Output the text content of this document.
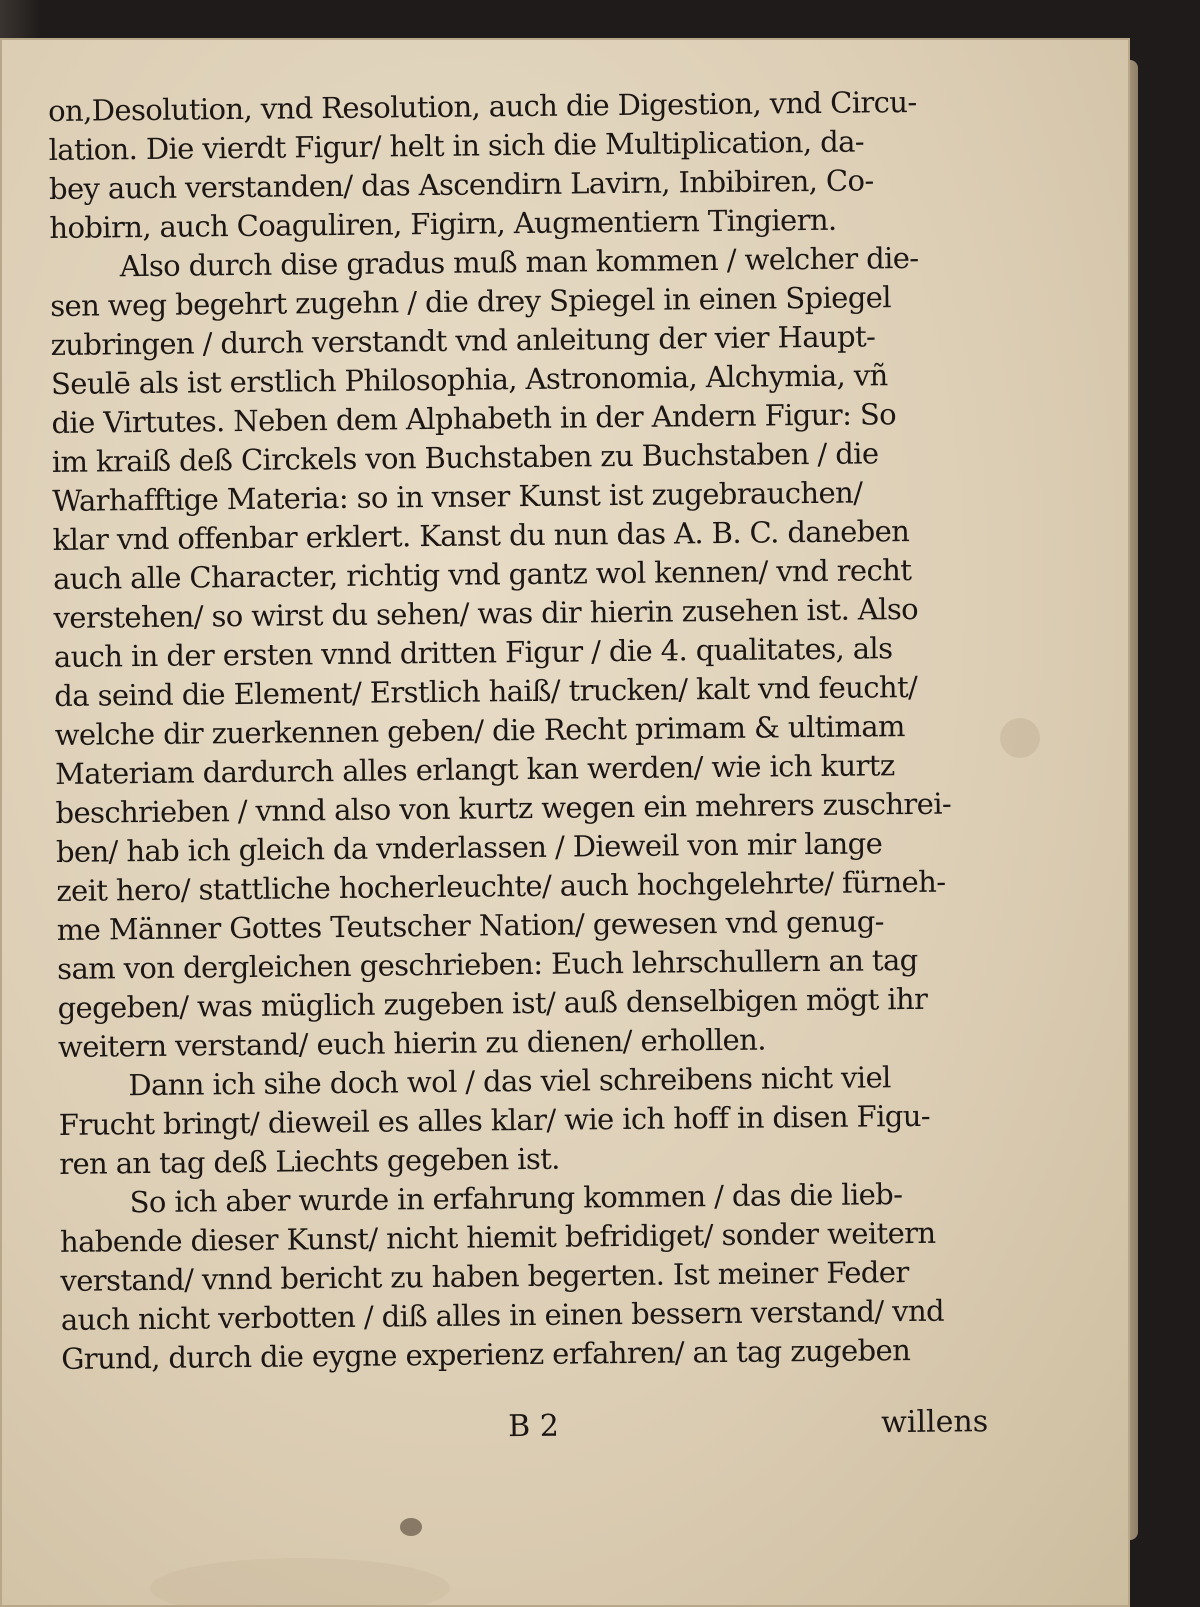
on,Desolution, vnd Resolution, auch die Digestion, vnd Circu-
lation. Die vierdt Figur/ helt in sich die Multiplication, da-
bey auch verstanden/ das Ascendirn Lavirn, Inbibiren, Co-
hobirn, auch Coaguliren, Figirn, Augmentiern Tingiern.
Also durch dise gradus muß man kommen / welcher die-
sen weg begehrt zugehn / die drey Spiegel in einen Spiegel
zubringen / durch verstandt vnd anleitung der vier Haupt-
Seulē als ist erstlich Philosophia, Astronomia, Alchymia, vñ
die Virtutes. Neben dem Alphabeth in der Andern Figur: So
im kraiß deß Circkels von Buchstaben zu Buchstaben / die
Warhafftige Materia: so in vnser Kunst ist zugebrauchen/
klar vnd offenbar erklert. Kanst du nun das A. B. C. daneben
auch alle Character, richtig vnd gantz wol kennen/ vnd recht
verstehen/ so wirst du sehen/ was dir hierin zusehen ist. Also
auch in der ersten vnnd dritten Figur / die 4. qualitates, als
da seind die Element/ Erstlich haiß/ trucken/ kalt vnd feucht/
welche dir zuerkennen geben/ die Recht primam & ultimam
Materiam dardurch alles erlangt kan werden/ wie ich kurtz
beschrieben / vnnd also von kurtz wegen ein mehrers zuschrei-
ben/ hab ich gleich da vnderlassen / Dieweil von mir lange
zeit hero/ stattliche hocherleuchte/ auch hochgelehrte/ fürneh-
me Männer Gottes Teutscher Nation/ gewesen vnd genug-
sam von dergleichen geschrieben: Euch lehrschullern an tag
gegeben/ was müglich zugeben ist/ auß denselbigen mögt ihr
weitern verstand/ euch hierin zu dienen/ erhollen.
Dann ich sihe doch wol / das viel schreibens nicht viel
Frucht bringt/ dieweil es alles klar/ wie ich hoff in disen Figu-
ren an tag deß Liechts gegeben ist.
So ich aber wurde in erfahrung kommen / das die lieb-
habende dieser Kunst/ nicht hiemit befridiget/ sonder weitern
verstand/ vnnd bericht zu haben begerten. Ist meiner Feder
auch nicht verbotten / diß alles in einen bessern verstand/ vnd
Grund, durch die eygne experienz erfahren/ an tag zugeben
B 2	willens
